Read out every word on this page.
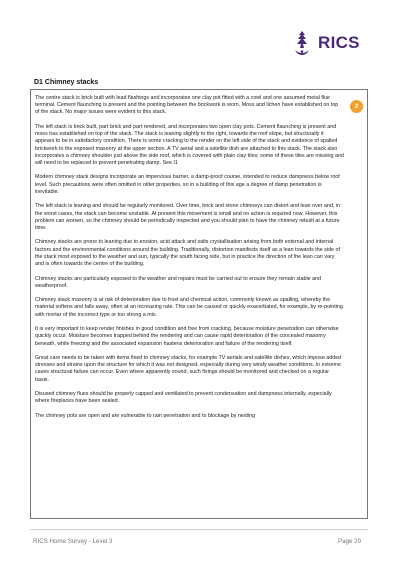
RICS
D1 Chimney stacks

The centre stack is brick built with lead flashings and incorporates one clay pot fitted with a cowl and one assumed metal flue terminal. Cement flaunching is present and the pointing between the brickwork is worn. Moss and lichen have established on top of the stack. No major issues were evident to this stack.

The left stack is brick built, part brick and part rendered, and incorporates two open clay pots. Cement flaunching is present and moss has established on top of the stack. The stack is leaning slightly to the right, towards the roof slope, but structurally it appears to be in satisfactory condition. There is some cracking to the render on the left side of the stack and evidence of spalled brickwork to the exposed masonry at the upper section. A TV aerial and a satellite dish are attached to this stack. The stack also incorporates a chimney shoulder just above the side roof, which is covered with plain clay tiles; some of these tiles are missing and will need to be replaced to prevent penetrating damp. See I1

Modern chimney stack designs incorporate an impervious barrier, a damp-proof course, intended to reduce dampness below roof level. Such precautions were often omitted in older properties, so in a building of this age a degree of damp penetration is inevitable.

The left stack is leaning and should be regularly monitored. Over time, brick and stone chimneys can distort and lean over and, in the worst cases, the stack can become unstable. At present this movement is small and no action is required now. However, this problem can worsen, so the chimney should be periodically inspected and you should plan to have the chimney rebuilt at a future time.

Chimney stacks are prone to leaning due to erosion, acid attack and salts crystallisation arising from both external and internal factors and the environmental conditions around the building. Traditionally, distortion manifests itself as a lean towards the side of the stack most exposed to the weather and sun, typically the south facing side, but in practice the direction of the lean can vary and is often towards the centre of the building.

Chimney stacks are particularly exposed to the weather and repairs must be carried out to ensure they remain stable and weatherproof.

Chimney stack masonry is at risk of deterioration due to frost and chemical action, commonly known as spalling, whereby the material softens and falls away, often at an increasing rate. This can be caused or quickly exacerbated, for example, by re-pointing with mortar of the incorrect type or too strong a mix.

It is very important to keep render finishes in good condition and free from cracking, because moisture penetration can otherwise quickly occur. Moisture becomes trapped behind the rendering and can cause rapid deterioration of the concealed masonry beneath, while freezing and the associated expansion hastens deterioration and failure of the rendering itself.

Great care needs to be taken with items fixed to chimney stacks, for example TV aerials and satellite dishes, which impose added stresses and strains upon the structure for which it was not designed, especially during very windy weather conditions. In extreme cases structural failure can occur. Even where apparently sound, such fixings should be monitored and checked on a regular basis.

Disused chimney flues should be properly capped and ventilated to prevent condensation and dampness internally, especially where fireplaces have been sealed.

The chimney pots are open and are vulnerable to rain penetration and to blockage by nesting

2
RICS Home Survey - Level 3	Page 20
